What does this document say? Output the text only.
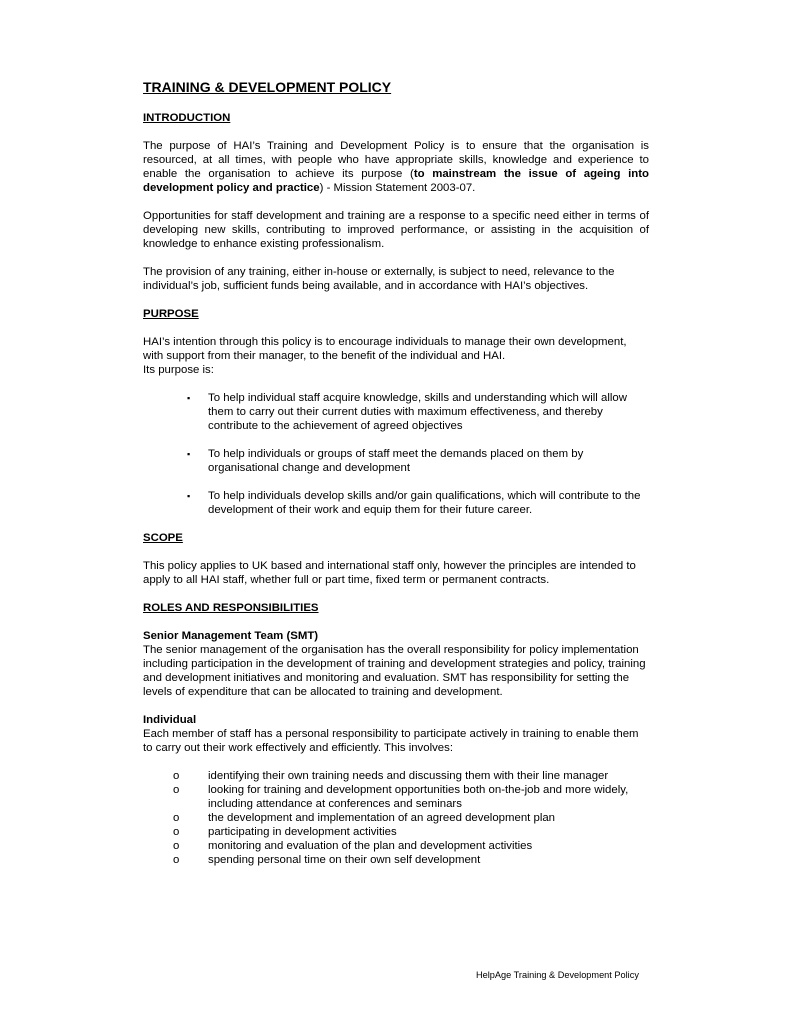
TRAINING & DEVELOPMENT POLICY
INTRODUCTION

The purpose of HAI’s Training and Development Policy is to ensure that the organisation is resourced, at all times, with people who have appropriate skills, knowledge and experience to enable the organisation to achieve its purpose (to mainstream the issue of ageing into development policy and practice) - Mission Statement 2003-07.

Opportunities for staff development and training are a response to a specific need either in terms of developing new skills, contributing to improved performance, or assisting in the acquisition of knowledge to enhance existing professionalism.

The provision of any training, either in-house or externally, is subject to need, relevance to the individual’s job, sufficient funds being available, and in accordance with HAI’s objectives.

PURPOSE

HAI’s intention through this policy is to encourage individuals to manage their own development, with support from their manager, to the benefit of the individual and HAI.

Its purpose is:

▪ To help individual staff acquire knowledge, skills and understanding which will allow them to carry out their current duties with maximum effectiveness, and thereby contribute to the achievement of agreed objectives
▪ To help individuals or groups of staff meet the demands placed on them by organisational change and development
▪ To help individuals develop skills and/or gain qualifications, which will contribute to the development of their work and equip them for their future career.
SCOPE

This policy applies to UK based and international staff only, however the principles are intended to apply to all HAI staff, whether full or part time, fixed term or permanent contracts.

ROLES AND RESPONSIBILITIES
Senior Management Team (SMT)

The senior management of the organisation has the overall responsibility for policy implementation including participation in the development of training and development strategies and policy, training and development initiatives and monitoring and evaluation. SMT has responsibility for setting the levels of expenditure that can be allocated to training and development.

Individual

Each member of staff has a personal responsibility to participate actively in training to enable them to carry out their work effectively and efficiently. This involves:

o	identifying their own training needs and discussing them with their line manager
o	looking for training and development opportunities both on-the-job and more widely, including attendance at conferences and seminars
o	the development and implementation of an agreed development plan
o	participating in development activities
o	monitoring and evaluation of the plan and development activities
o	spending personal time on their own self development
HelpAge Training & Development Policy
